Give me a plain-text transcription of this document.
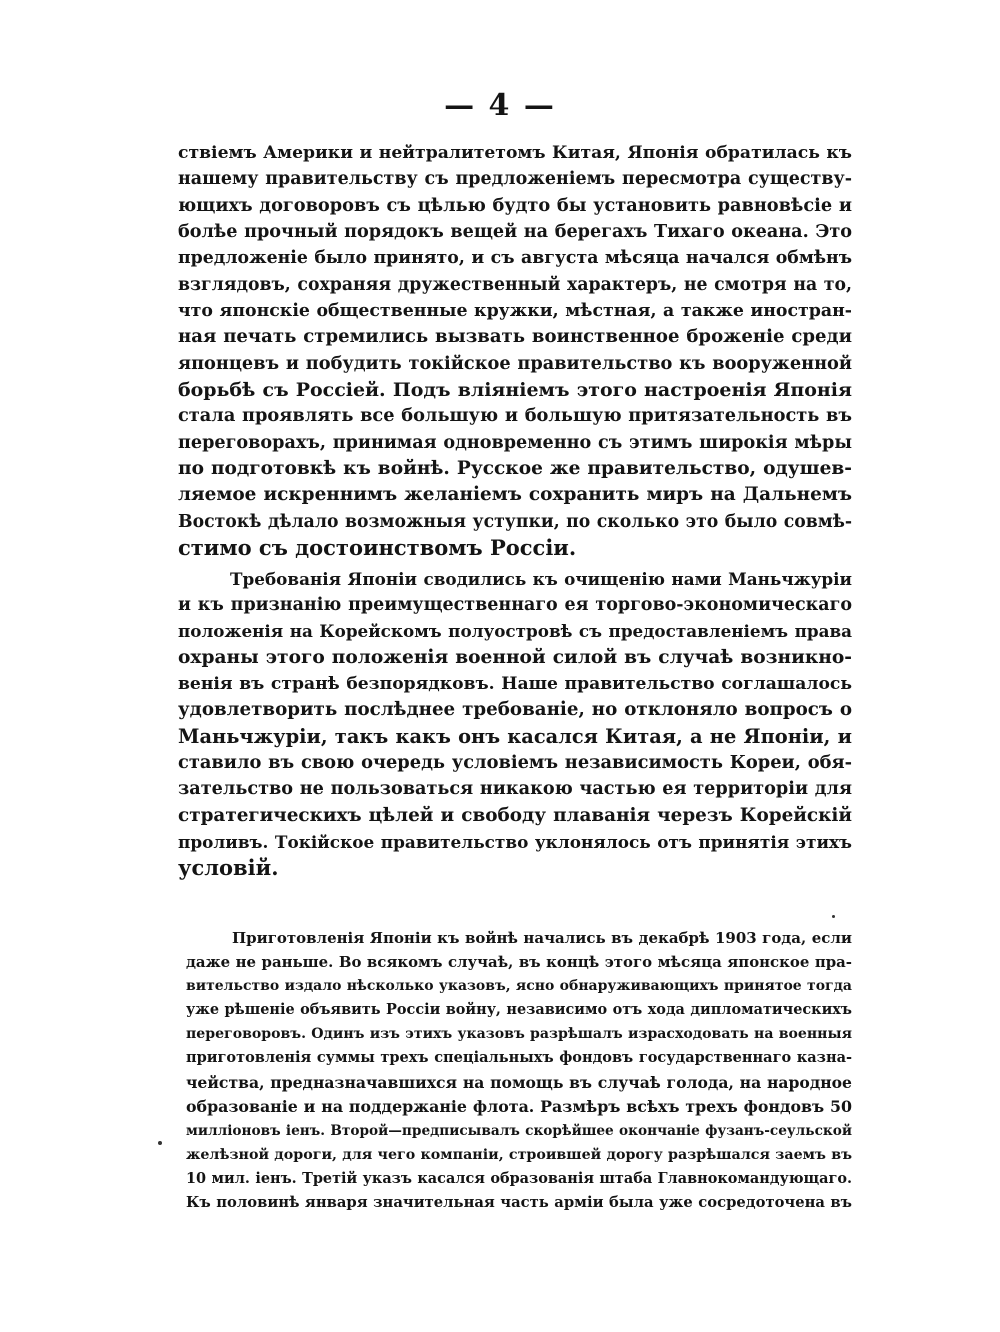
— 4 —
ствіемъ Америки и нейтралитетомъ Китая, Японія обратилась къ
нашему правительству съ предложеніемъ пересмотра существу-
ющихъ договоровъ съ цѣлью будто бы установить равновѣсіе и
болѣе прочный порядокъ вещей на берегахъ Тихаго океана. Это
предложеніе было принято, и съ августа мѣсяца начался обмѣнъ
взглядовъ, сохраняя дружественный характеръ, не смотря на то,
что японскіе общественные кружки, мѣстная, а также иностран-
ная печать стремились вызвать воинственное броженіе среди
японцевъ и побудить токійское правительство къ вооруженной
борьбѣ съ Россіей. Подъ вліяніемъ этого настроенія Японія
стала проявлять все большую и большую притязательность въ
переговорахъ, принимая одновременно съ этимъ широкія мѣры
по подготовкѣ къ войнѣ. Русское же правительство, одушев-
ляемое искреннимъ желаніемъ сохранить миръ на Дальнемъ
Востокѣ дѣлало возможныя уступки, по сколько это было совмѣ-
стимо съ достоинствомъ Россіи.
Требованія Японіи сводились къ очищенію нами Маньчжуріи
и къ признанію преимущественнаго ея торгово-экономическаго
положенія на Корейскомъ полуостровѣ съ предоставленіемъ права
охраны этого положенія военной силой въ случаѣ возникно-
венія въ странѣ безпорядковъ. Наше правительство соглашалось
удовлетворить послѣднее требованіе, но отклоняло вопросъ о
Маньчжуріи, такъ какъ онъ касался Китая, а не Японіи, и
ставило въ свою очередь условіемъ независимость Кореи, обя-
зательство не пользоваться никакою частью ея территоріи для
стратегическихъ цѣлей и свободу плаванія черезъ Корейскій
проливъ. Токійское правительство уклонялось отъ принятія этихъ
условій.
Приготовленія Японіи къ войнѣ начались въ декабрѣ 1903 года, если
даже не раньше. Во всякомъ случаѣ, въ концѣ этого мѣсяца японское пра-
вительство издало нѣсколько указовъ, ясно обнаруживающихъ принятое тогда
уже рѣшеніе объявить Россіи войну, независимо отъ хода дипломатическихъ
переговоровъ. Одинъ изъ этихъ указовъ разрѣшалъ израсходовать на военныя
приготовленія суммы трехъ спеціальныхъ фондовъ государственнаго казна-
чейства, предназначавшихся на помощь въ случаѣ голода, на народное
образованіе и на поддержаніе флота. Размѣръ всѣхъ трехъ фондовъ 50
милліоновъ іенъ. Второй—предписывалъ скорѣйшее окончаніе фузанъ-сеульской
желѣзной дороги, для чего компаніи, строившей дорогу разрѣшался заемъ въ
10 мил. іенъ. Третій указъ касался образованія штаба Главнокомандующаго.
Къ половинѣ января значительная часть арміи была уже сосредоточена въ
